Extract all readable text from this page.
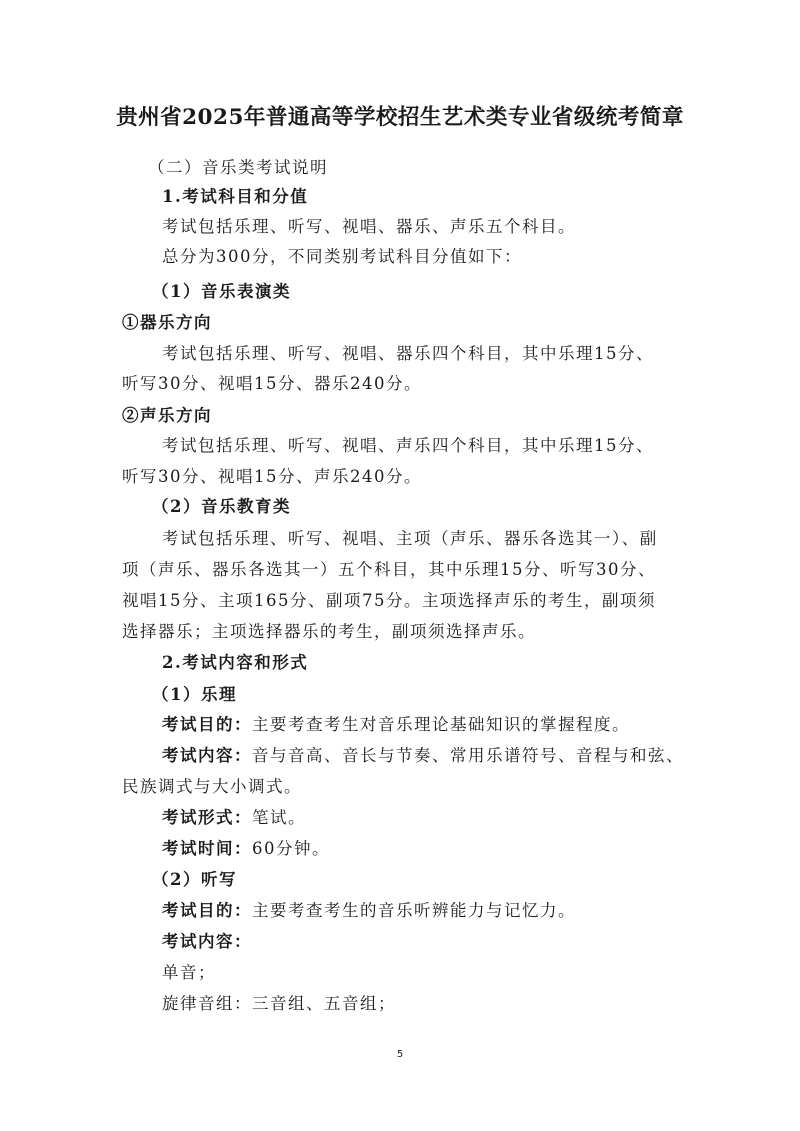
贵州省2025年普通高等学校招生艺术类专业省级统考简章
（二）音乐类考试说明
1.考试科目和分值
考试包括乐理、听写、视唱、器乐、声乐五个科目。
总分为300分，不同类别考试科目分值如下：
（1）音乐表演类
①器乐方向
考试包括乐理、听写、视唱、器乐四个科目，其中乐理15分、
听写30分、视唱15分、器乐240分。
②声乐方向
考试包括乐理、听写、视唱、声乐四个科目，其中乐理15分、
听写30分、视唱15分、声乐240分。
（2）音乐教育类
考试包括乐理、听写、视唱、主项（声乐、器乐各选其一）、副
项（声乐、器乐各选其一）五个科目，其中乐理15分、听写30分、
视唱15分、主项165分、副项75分。主项选择声乐的考生，副项须
选择器乐；主项选择器乐的考生，副项须选择声乐。
2.考试内容和形式
（1）乐理
考试目的：主要考查考生对音乐理论基础知识的掌握程度。
考试内容：音与音高、音长与节奏、常用乐谱符号、音程与和弦、
民族调式与大小调式。
考试形式：笔试。
考试时间：60分钟。
（2）听写
考试目的：主要考查考生的音乐听辨能力与记忆力。
考试内容：
单音；
旋律音组：三音组、五音组；
5
